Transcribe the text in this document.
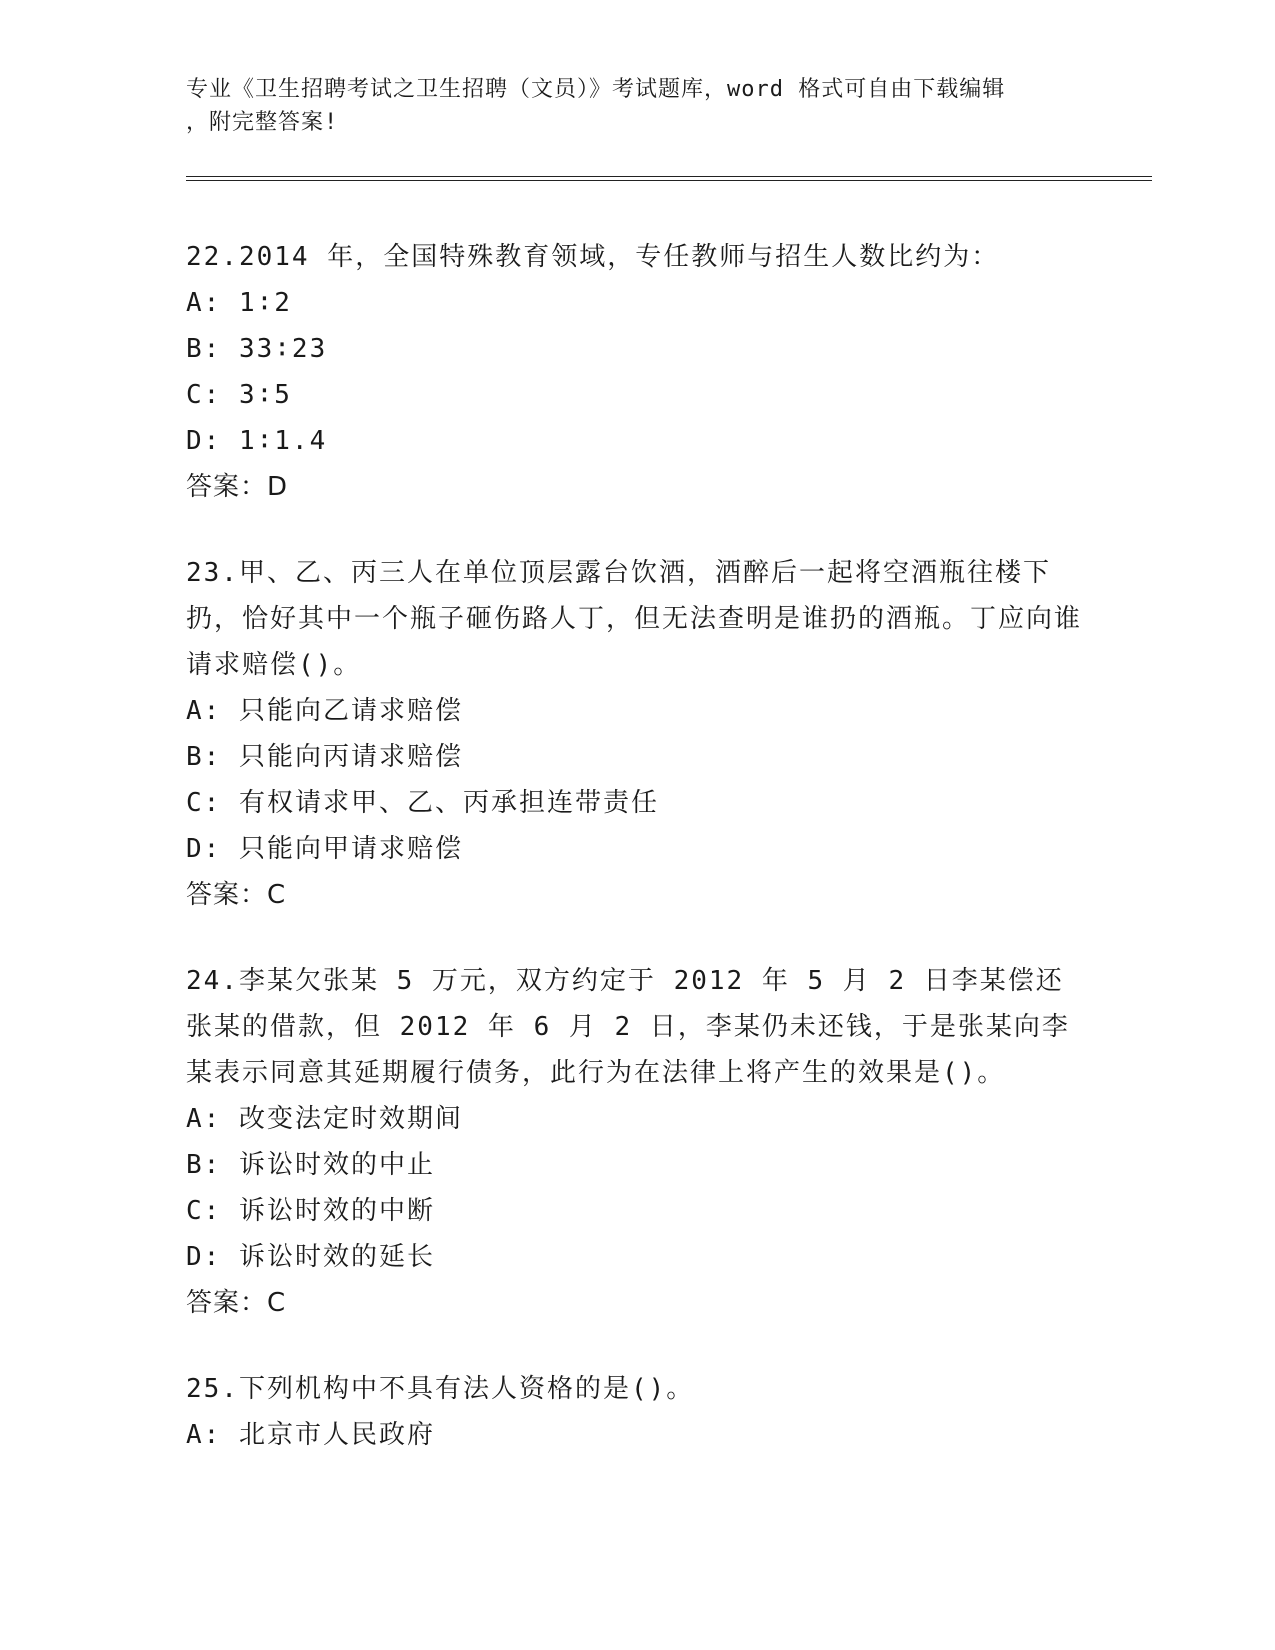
专业《卫生招聘考试之卫生招聘（文员）》考试题库，word 格式可自由下载编辑
，附完整答案!
22.2014 年，全国特殊教育领域，专任教师与招生人数比约为：
A: 1∶2
B: 33∶23
C: 3∶5
D: 1∶1.4
答案：D
23.甲、乙、丙三人在单位顶层露台饮酒，酒醉后一起将空酒瓶往楼下扔，恰好其中一个瓶子砸伤路人丁，但无法查明是谁扔的酒瓶。丁应向谁请求赔偿()。
A: 只能向乙请求赔偿
B: 只能向丙请求赔偿
C: 有权请求甲、乙、丙承担连带责任
D: 只能向甲请求赔偿
答案：C
24.李某欠张某 5 万元，双方约定于 2012 年 5 月 2 日李某偿还张某的借款，但 2012 年 6 月 2 日，李某仍未还钱，于是张某向李某表示同意其延期履行债务，此行为在法律上将产生的效果是()。
A: 改变法定时效期间
B: 诉讼时效的中止
C: 诉讼时效的中断
D: 诉讼时效的延长
答案：C
25.下列机构中不具有法人资格的是()。
A: 北京市人民政府
